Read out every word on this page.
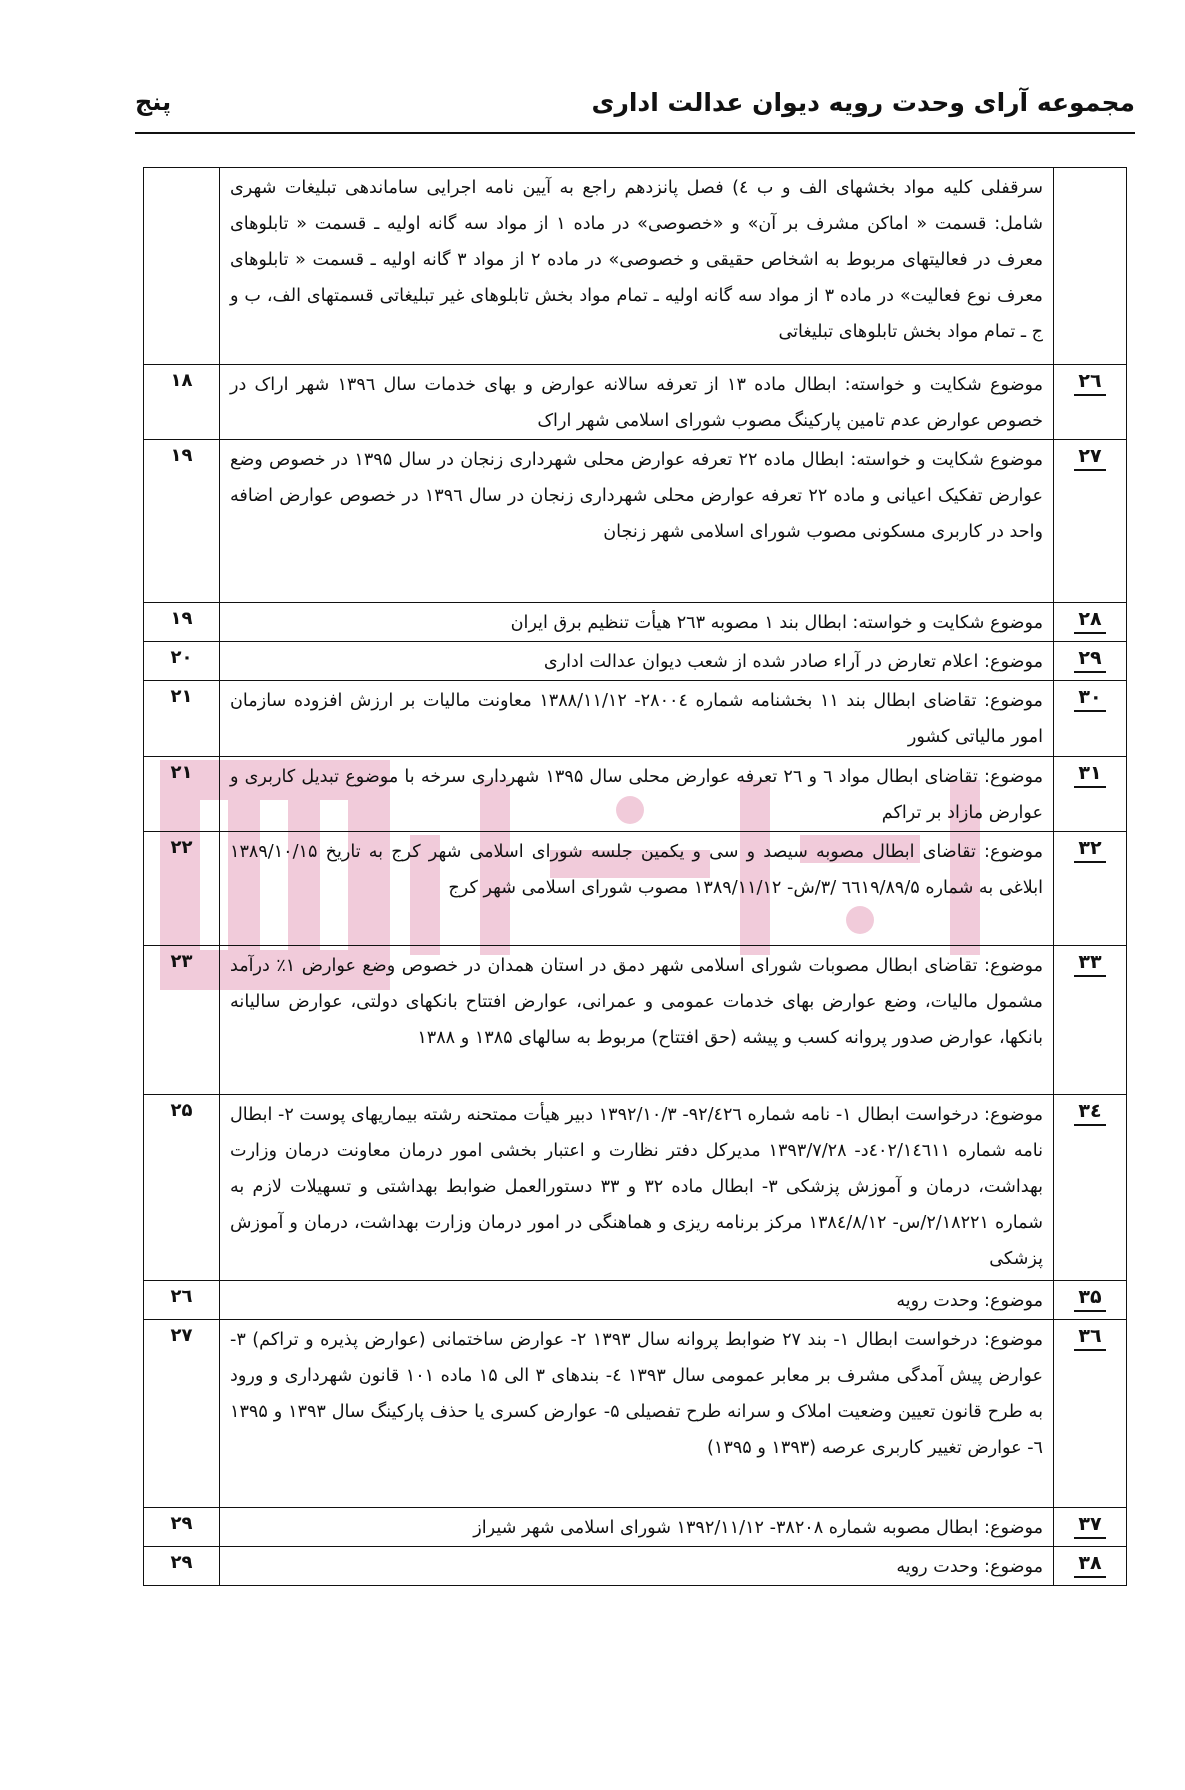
مجموعه آرای وحدت رویه دیوان عدالت اداری
پنج
	سرقفلی کلیه مواد بخشهای الف و ب ٤) فصل پانزدهم راجع به آیین نامه اجرایی ساماندهی تبلیغات شهری شامل: قسمت « اماکن مشرف بر آن» و «خصوصی» در ماده ۱ از مواد سه گانه اولیه ـ قسمت « تابلوهای معرف در فعالیتهای مربوط به اشخاص حقیقی و خصوصی» در ماده ۲ از مواد ۳ گانه اولیه ـ قسمت « تابلوهای معرف نوع فعالیت» در ماده ۳ از مواد سه گانه اولیه ـ تمام مواد بخش تابلوهای غیر تبلیغاتی قسمتهای الف، ب و ج ـ تمام مواد بخش تابلوهای تبلیغاتی	
۲٦	موضوع شکایت و خواسته: ابطال ماده ۱۳ از تعرفه سالانه عوارض و بهای خدمات سال ۱۳۹٦ شهر اراک در خصوص عوارض عدم تامین پارکینگ مصوب شورای اسلامی شهر اراک	۱۸
۲۷	موضوع شکایت و خواسته: ابطال ماده ۲۲ تعرفه عوارض محلی شهرداری زنجان در سال ۱۳۹۵ در خصوص وضع عوارض تفکیک اعیانی و ماده ۲۲ تعرفه عوارض محلی شهرداری زنجان در سال ۱۳۹٦ در خصوص عوارض اضافه واحد در کاربری مسکونی مصوب شورای اسلامی شهر زنجان	۱۹
۲۸	موضوع شکایت و خواسته: ابطال بند ۱ مصوبه ۲٦۳ هیأت تنظیم برق ایران	۱۹
۲۹	موضوع: اعلام تعارض در آراء صادر شده از شعب دیوان عدالت اداری	۲۰
۳۰	موضوع: تقاضای ابطال بند ۱۱ بخشنامه شماره ۲۸۰۰٤- ۱۳۸۸/۱۱/۱۲ معاونت مالیات بر ارزش افزوده سازمان امور مالیاتی کشور	۲۱
۳۱	موضوع: تقاضای ابطال مواد ٦ و ۲٦ تعرفه عوارض محلی سال ۱۳۹۵ شهرداری سرخه با موضوع تبدیل کاربری و عوارض مازاد بر تراکم	۲۱
۳۲	موضوع: تقاضای ابطال مصوبه سیصد و سی و یکمین جلسه شورای اسلامی شهر کرج به تاریخ ۱۳۸۹/۱۰/۱۵ ابلاغی به شماره ٦٦۱۹/۸۹/۵ /۳/ش- ۱۳۸۹/۱۱/۱۲ مصوب شورای اسلامی شهر کرج	۲۲
۳۳	موضوع: تقاضای ابطال مصوبات شورای اسلامی شهر دمق در استان همدان در خصوص وضع عوارض ۱٪ درآمد مشمول مالیات، وضع عوارض بهای خدمات عمومی و عمرانی، عوارض افتتاح بانکهای دولتی، عوارض سالیانه بانکها، عوارض صدور پروانه کسب و پیشه (حق افتتاح) مربوط به سالهای ۱۳۸۵ و ۱۳۸۸	۲۳
۳٤	موضوع: درخواست ابطال ۱- نامه شماره ۹۲/٤۲٦- ۱۳۹۲/۱۰/۳ دبیر هیأت ممتحنه رشته بیماریهای پوست ۲- ابطال نامه شماره ٤۰۲/۱٤٦۱۱د- ۱۳۹۳/۷/۲۸ مدیرکل دفتر نظارت و اعتبار بخشی امور درمان معاونت درمان وزارت بهداشت، درمان و آموزش پزشکی ۳- ابطال ماده ۳۲ و ۳۳ دستورالعمل ضوابط بهداشتی و تسهیلات لازم به شماره ۲/۱۸۲۲۱/س- ۱۳۸٤/۸/۱۲ مرکز برنامه ریزی و هماهنگی در امور درمان وزارت بهداشت، درمان و آموزش پزشکی	۲۵
۳۵	موضوع: وحدت رویه	۲٦
۳٦	موضوع: درخواست ابطال ۱- بند ۲۷ ضوابط پروانه سال ۱۳۹۳ ۲- عوارض ساختمانی (عوارض پذیره و تراکم) ۳- عوارض پیش آمدگی مشرف بر معابر عمومی سال ۱۳۹۳ ٤- بندهای ۳ الی ۱۵ ماده ۱۰۱ قانون شهرداری و ورود به طرح قانون تعیین وضعیت املاک و سرانه طرح تفصیلی ۵- عوارض کسری یا حذف پارکینگ سال ۱۳۹۳ و ۱۳۹۵ ٦- عوارض تغییر کاربری عرصه (۱۳۹۳ و ۱۳۹۵)	۲۷
۳۷	موضوع: ابطال مصوبه شماره ۳۸۲۰۸- ۱۳۹۲/۱۱/۱۲ شورای اسلامی شهر شیراز	۲۹
۳۸	موضوع: وحدت رویه	۲۹
